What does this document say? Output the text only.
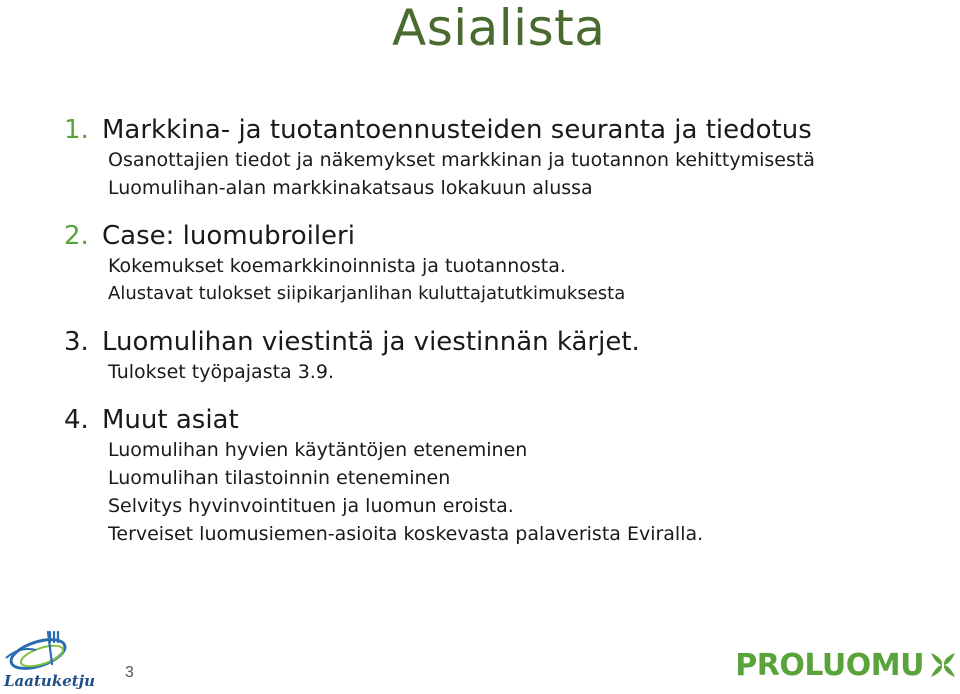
Asialista
1. Markkina- ja tuotantoennusteiden seuranta ja tiedotus
Osanottajien tiedot ja näkemykset markkinan ja tuotannon kehittymisestä
Luomulihan-alan markkinakatsaus lokakuun alussa
2. Case: luomubroileri
Kokemukset koemarkkinoinnista ja tuotannosta.
Alustavat tulokset siipikarjanlihan kuluttajatutkimuksesta
3. Luomulihan viestintä ja viestinnän kärjet.
Tulokset työpajasta 3.9.
4. Muut asiat
Luomulihan hyvien käytäntöjen eteneminen
Luomulihan tilastoinnin eteneminen
Selvitys hyvinvointituen ja luomun eroista.
Terveiset luomusiemen-asioita koskevasta palaverista Eviralla.
Laatuketju 3	PROLUOMU
